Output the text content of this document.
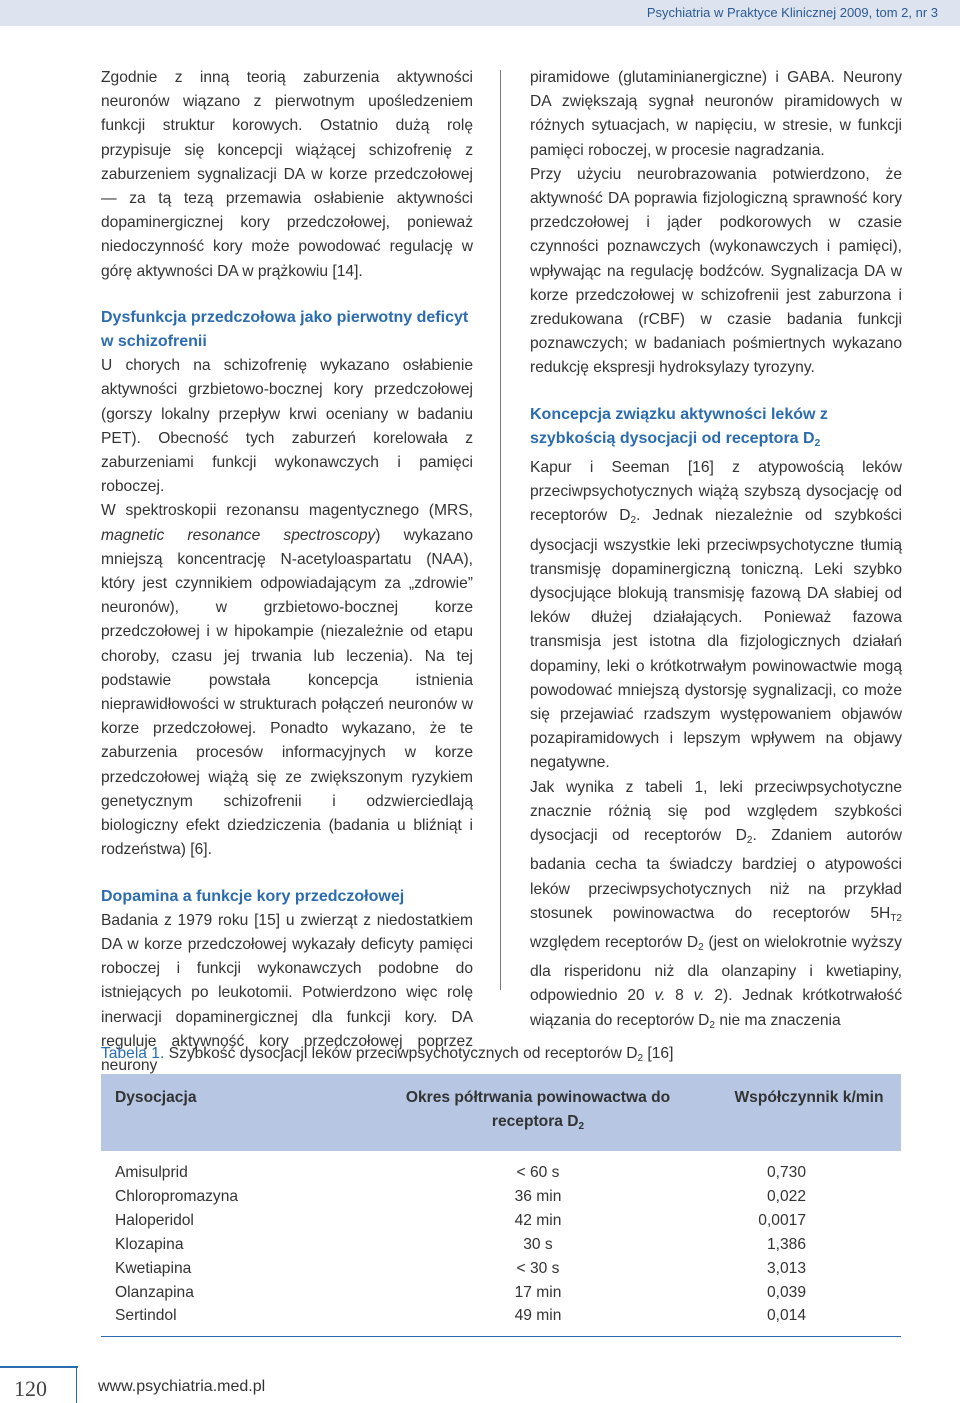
Psychiatria w Praktyce Klinicznej 2009, tom 2, nr 3

Zgodnie z inną teorią zaburzenia aktywności neuronów wiązano z pierwotnym upośledzeniem funkcji struktur korowych. Ostatnio dużą rolę przypisuje się koncepcji wiążącej schizofrenię z zaburzeniem sygnalizacji DA w korze przedczołowej — za tą tezą przemawia osłabienie aktywności dopaminergicznej kory przedczołowej, ponieważ niedoczynność kory może powodować regulację w górę aktywności DA w prążkowiu [14].

Dysfunkcja przedczołowa jako pierwotny deficyt w schizofrenii

U chorych na schizofrenię wykazano osłabienie aktywności grzbietowo-bocznej kory przedczołowej (gorszy lokalny przepływ krwi oceniany w badaniu PET). Obecność tych zaburzeń korelowała z zaburzeniami funkcji wykonawczych i pamięci roboczej.

W spektroskopii rezonansu magentycznego (MRS, magnetic resonance spectroscopy) wykazano mniejszą koncentrację N-acetyloaspartatu (NAA), który jest czynnikiem odpowiadającym za „zdrowie” neuronów), w grzbietowo-bocznej korze przedczołowej i w hipokampie (niezależnie od etapu choroby, czasu jej trwania lub leczenia). Na tej podstawie powstała koncepcja istnienia nieprawidłowości w strukturach połączeń neuronów w korze przedczołowej. Ponadto wykazano, że te zaburzenia procesów informacyjnych w korze przedczołowej wiążą się ze zwiększonym ryzykiem genetycznym schizofrenii i odzwierciedlają biologiczny efekt dziedziczenia (badania u bliźniąt i rodzeństwa) [6].

Dopamina a funkcje kory przedczołowej

Badania z 1979 roku [15] u zwierząt z niedostatkiem DA w korze przedczołowej wykazały deficyty pamięci roboczej i funkcji wykonawczych podobne do istniejących po leukotomii. Potwierdzono więc rolę inerwacji dopaminergicznej dla funkcji kory. DA reguluje aktywność kory przedczołowej poprzez neurony

piramidowe (glutaminianergiczne) i GABA. Neurony DA zwiększają sygnał neuronów piramidowych w różnych sytuacjach, w napięciu, w stresie, w funkcji pamięci roboczej, w procesie nagradzania.

Przy użyciu neurobrazowania potwierdzono, że aktywność DA poprawia fizjologiczną sprawność kory przedczołowej i jąder podkorowych w czasie czynności poznawczych (wykonawczych i pamięci), wpływając na regulację bodźców. Sygnalizacja DA w korze przedczołowej w schizofrenii jest zaburzona i zredukowana (rCBF) w czasie badania funkcji poznawczych; w badaniach pośmiertnych wykazano redukcję ekspresji hydroksylazy tyrozyny.

Koncepcja związku aktywności leków z szybkością dysocjacji od receptora $D_2$

Kapur i Seeman [16] z atypowością leków przeciwpsychotycznych wiążą szybszą dysocjację od receptorów $D_2$. Jednak niezależnie od szybkości dysocjacji wszystkie leki przeciwpsychotyczne tłumią transmisję dopaminergiczną toniczną. Leki szybko dysocjujące blokują transmisję fazową DA słabiej od leków dłużej działających. Ponieważ fazowa transmisja jest istotna dla fizjologicznych działań dopaminy, leki o krótkotrwałym powinowactwie mogą powodować mniejszą dystorsję sygnalizacji, co może się przejawiać rzadszym występowaniem objawów pozapiramidowych i lepszym wpływem na objawy negatywne.

Jak wynika z tabeli 1, leki przeciwpsychotyczne znacznie różnią się pod względem szybkości dysocjacji od receptorów $D_2$. Zdaniem autorów badania cecha ta świadczy bardziej o atypowości leków przeciwpsychotycznych niż na przykład stosunek powinowactwa do receptorów $5H_{T2}$ względem receptorów $D_2$ (jest on wielokrotnie wyższy dla risperidonu niż dla olanzapiny i kwetiapiny, odpowiednio 20 v. 8 v. 2). Jednak krótkotrwałość wiązania do receptorów $D_2$ nie ma znaczenia

Tabela 1. Szybkość dysocjacji leków przeciwpsychotycznych od receptorów $D_2$ [16]
Dysocjacja	Okres półtrwania powinowactwa do receptora $D_2$	Współczynnik k/min
Amisulprid	< 60 s	0,730
Chloropromazyna	36 min	0,022
Haloperidol	42 min	0,0017
Klozapina	30 s	1,386
Kwetiapina	< 30 s	3,013
Olanzapina	17 min	0,039
Sertindol	49 min	0,014
120	www.psychiatria.med.pl
